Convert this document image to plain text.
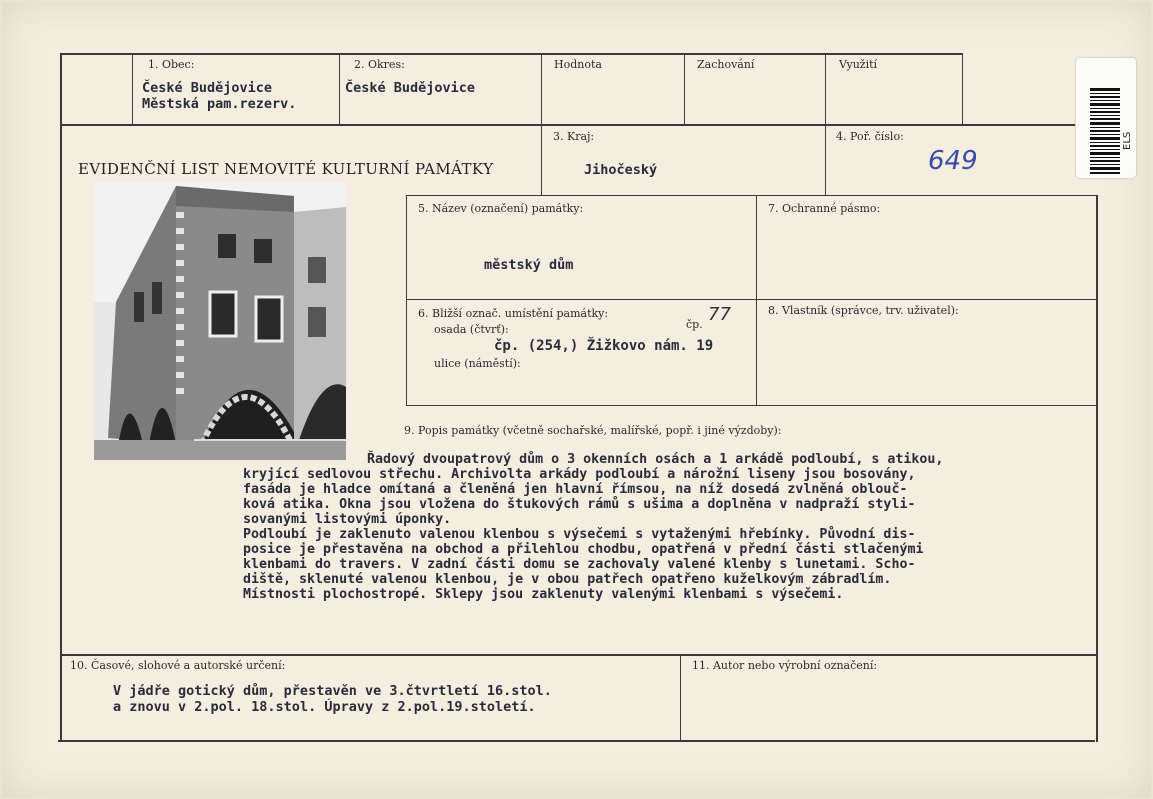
1. Obec:
České Budějovice
Městská pam.rezerv.
2. Okres:
České Budějovice
Hodnota	Zachování	Využití
EVIDENČNÍ LIST NEMOVITÉ KULTURNÍ PAMÁTKY
3. Kraj:
Jihočeský
4. Poř. číslo:
649
ELS
5. Název (označení) památky:
městský dům
7. Ochranné pásmo:
6. Bližší označ. umístění památky:
osada (čtvrť):	čp. 77
čp. (254,) Žižkovo nám. 19
ulice (náměstí):
8. Vlastník (správce, trv. uživatel):
9. Popis památky (včetně sochařské, malířské, popř. i jiné výzdoby):
Řadový dvoupatrový dům o 3 okenních osách a 1 arkádě podloubí, s atikou,
kryjící sedlovou střechu. Archivolta arkády podloubí a nárožní liseny jsou bosovány,
fasáda je hladce omítaná a členěná jen hlavní římsou, na níž dosedá zvlněná oblouč-
ková atika. Okna jsou vložena do štukových rámů s ušima a doplněna v nadpraží styli-
sovanými listovými úponky.
Podloubí je zaklenuto valenou klenbou s výsečemi s vytaženými hřebínky. Původní dis-
posice je přestavěna na obchod a přilehlou chodbu, opatřená v přední části stlačenými
klenbami do travers. V zadní části domu se zachovaly valené klenby s lunetami. Scho-
diště, sklenuté valenou klenbou, je v obou patřech opatřeno kuželkovým zábradlím.
Místnosti plochostropé. Sklepy jsou zaklenuty valenými klenbami s výsečemi.
10. Časové, slohové a autorské určení:
V jádře gotický dům, přestavěn ve 3.čtvrtletí 16.stol.
a znovu v 2.pol. 18.stol. Úpravy z 2.pol.19.století.
11. Autor nebo výrobní označení:
